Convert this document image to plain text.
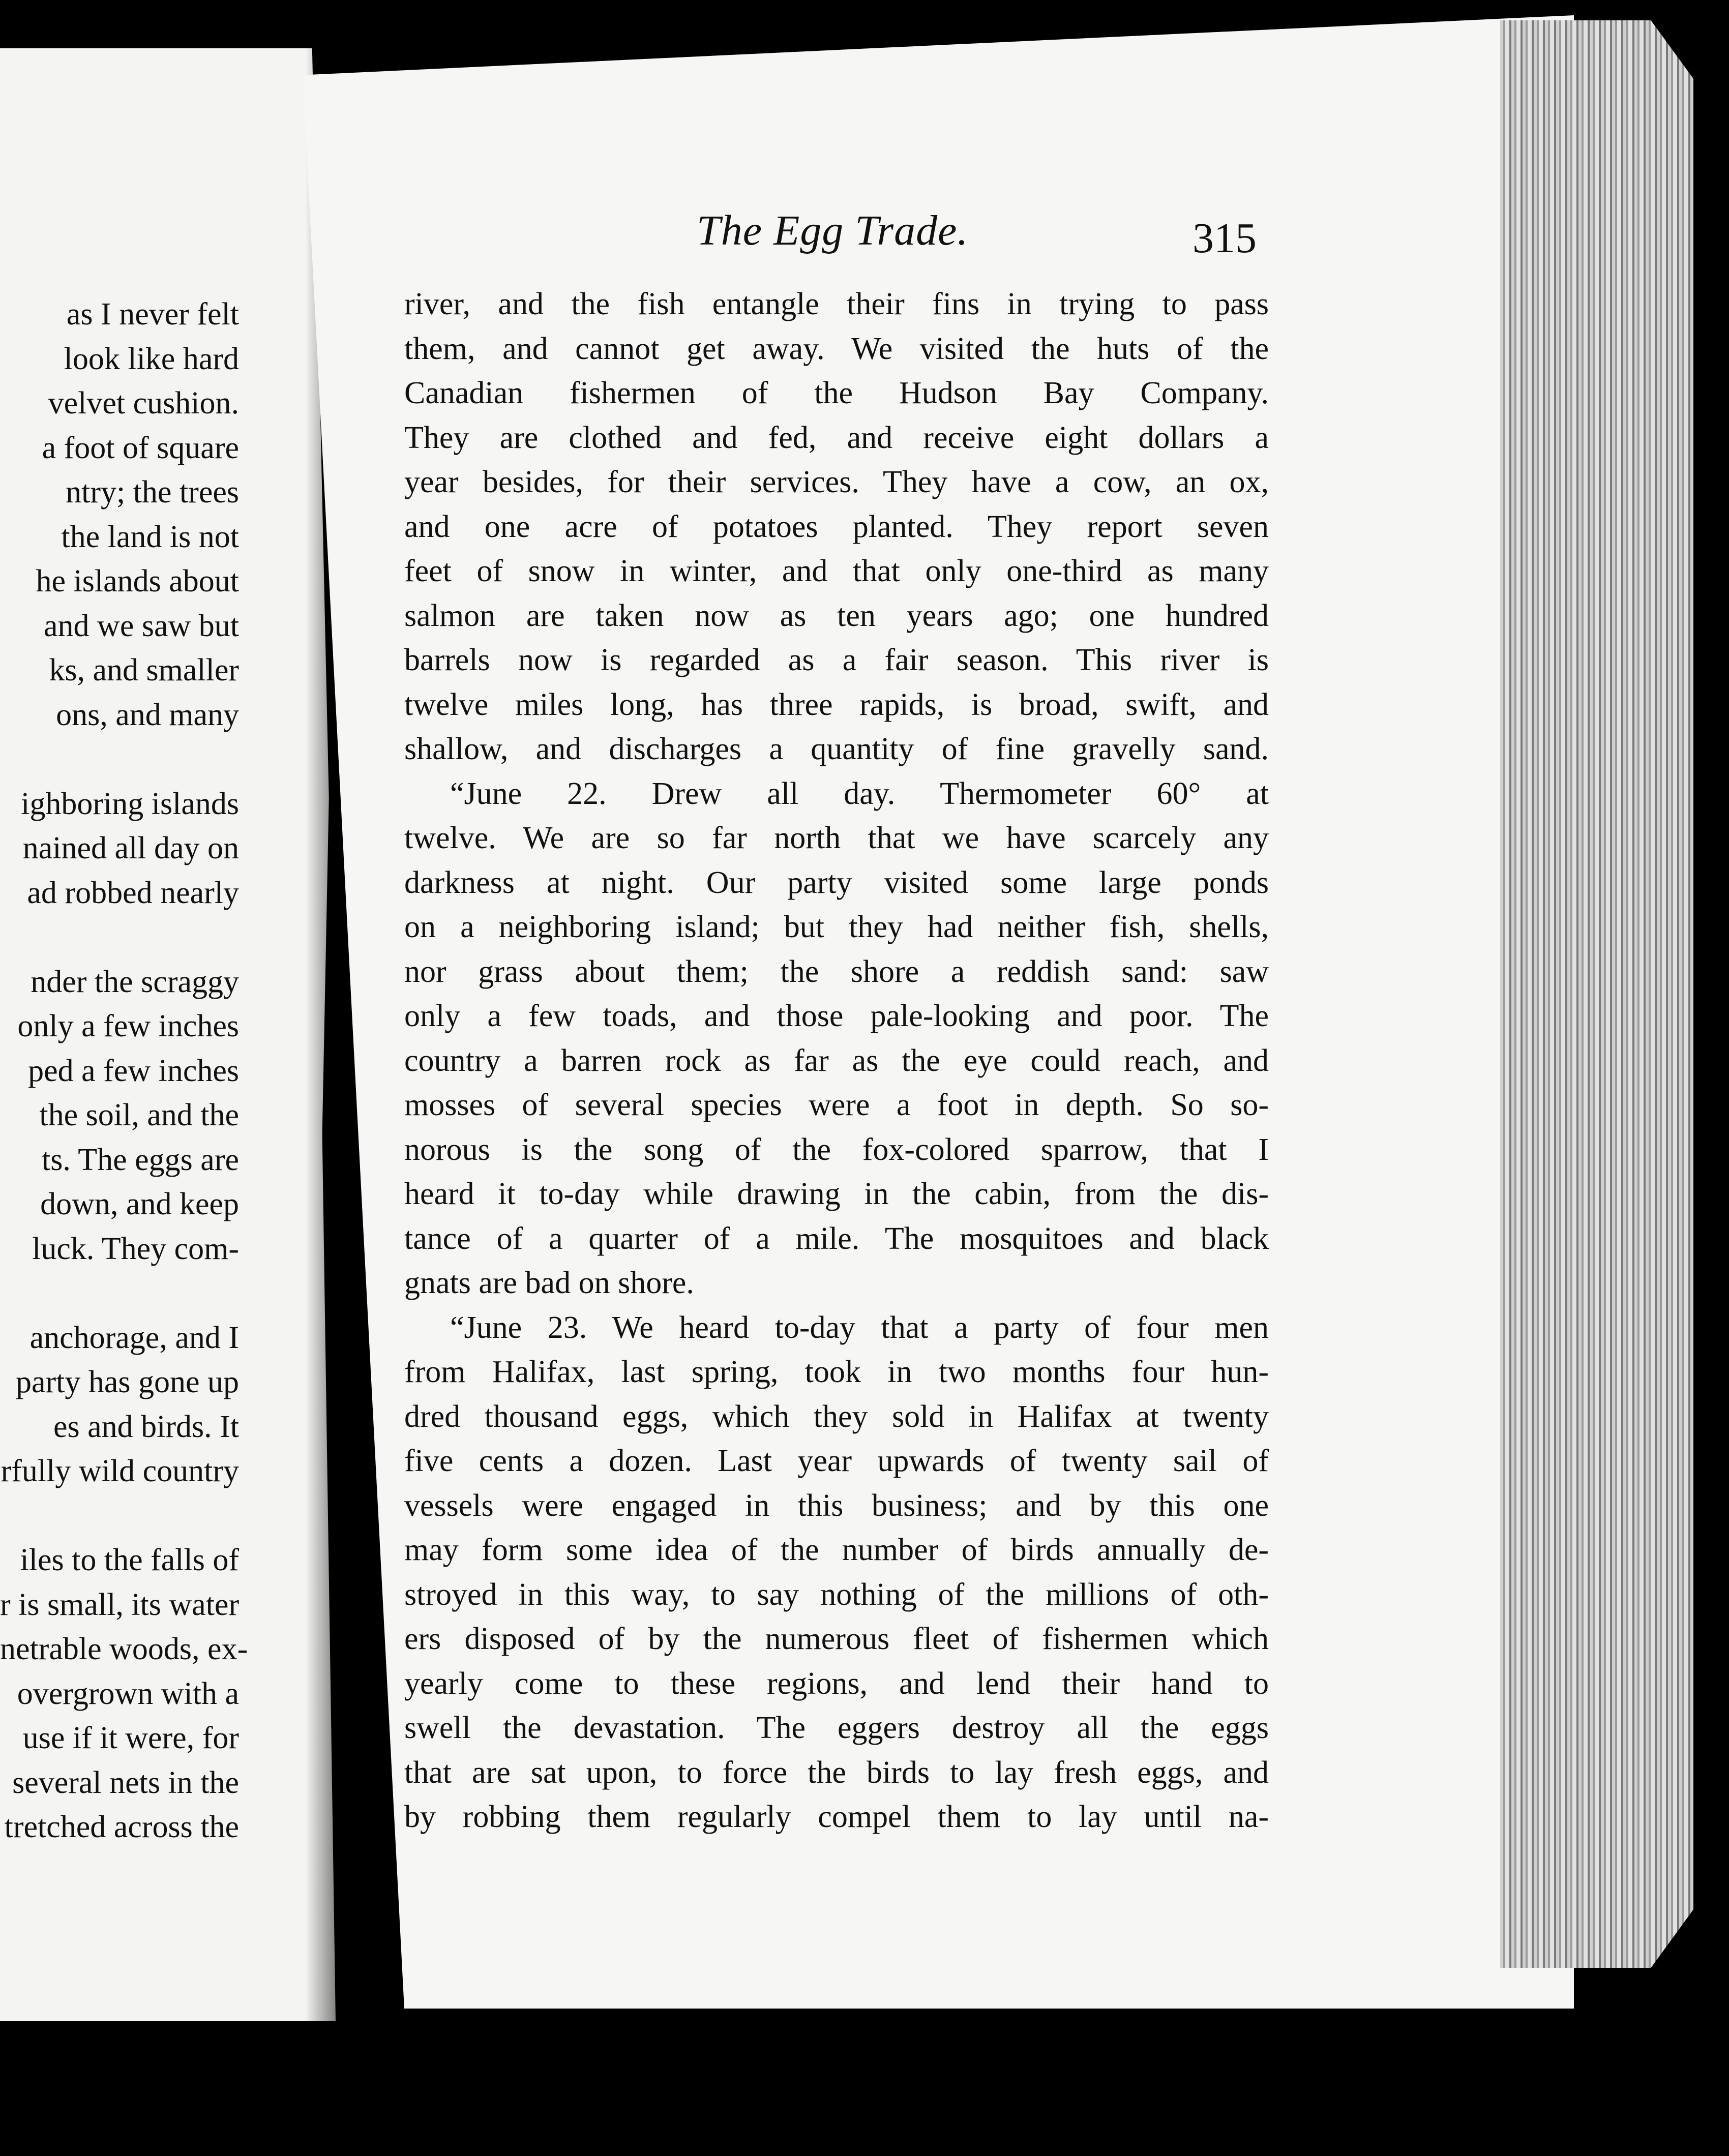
as I never felt
look like hard
velvet cushion.
a foot of square
ntry; the trees
the land is not
he islands about
and we saw but
ks, and smaller
ons, and many

ighboring islands
nained all day on
ad robbed nearly

nder the scraggy
only a few inches
ped a few inches
the soil, and the
ts. The eggs are
down, and keep
luck. They com-

anchorage, and I
party has gone up
es and birds. It
rfully wild country

iles to the falls of
r is small, its water
netrable woods, ex-
overgrown with a
use if it were, for
several nets in the
tretched across the
The Egg Trade.	315
river, and the fish entangle their fins in trying to pass
them, and cannot get away. We visited the huts of the
Canadian fishermen of the Hudson Bay Company.
They are clothed and fed, and receive eight dollars a
year besides, for their services. They have a cow, an ox,
and one acre of potatoes planted. They report seven
feet of snow in winter, and that only one-third as many
salmon are taken now as ten years ago; one hundred
barrels now is regarded as a fair season. This river is
twelve miles long, has three rapids, is broad, swift, and
shallow, and discharges a quantity of fine gravelly sand.
“June 22. Drew all day. Thermometer 60° at
twelve. We are so far north that we have scarcely any
darkness at night. Our party visited some large ponds
on a neighboring island; but they had neither fish, shells,
nor grass about them; the shore a reddish sand: saw
only a few toads, and those pale-looking and poor. The
country a barren rock as far as the eye could reach, and
mosses of several species were a foot in depth. So so-
norous is the song of the fox-colored sparrow, that I
heard it to-day while drawing in the cabin, from the dis-
tance of a quarter of a mile. The mosquitoes and black
gnats are bad on shore.
“June 23. We heard to-day that a party of four men
from Halifax, last spring, took in two months four hun-
dred thousand eggs, which they sold in Halifax at twenty
five cents a dozen. Last year upwards of twenty sail of
vessels were engaged in this business; and by this one
may form some idea of the number of birds annually de-
stroyed in this way, to say nothing of the millions of oth-
ers disposed of by the numerous fleet of fishermen which
yearly come to these regions, and lend their hand to
swell the devastation. The eggers destroy all the eggs
that are sat upon, to force the birds to lay fresh eggs, and
by robbing them regularly compel them to lay until na-
